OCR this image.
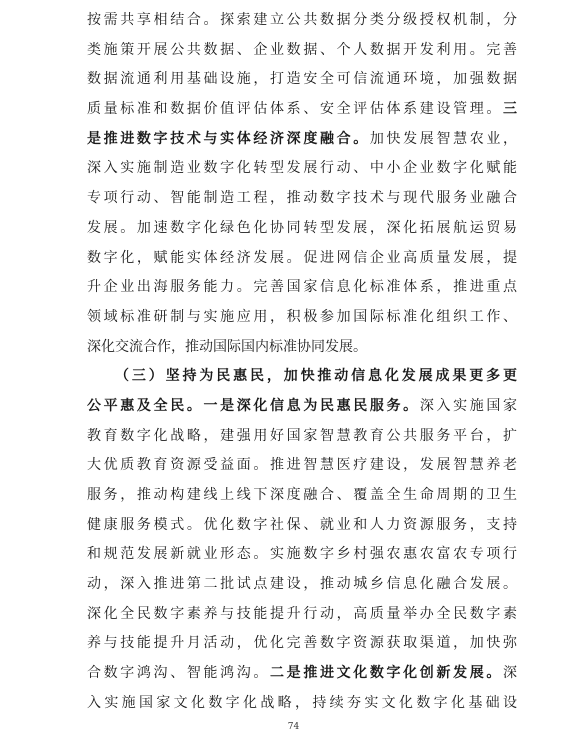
按需共享相结合。探索建立公共数据分类分级授权机制，分
类施策开展公共数据、企业数据、个人数据开发利用。完善
数据流通利用基础设施，打造安全可信流通环境，加强数据
质量标准和数据价值评估体系、安全评估体系建设管理。三
是推进数字技术与实体经济深度融合。加快发展智慧农业，
深入实施制造业数字化转型发展行动、中小企业数字化赋能
专项行动、智能制造工程，推动数字技术与现代服务业融合
发展。加速数字化绿色化协同转型发展，深化拓展航运贸易
数字化，赋能实体经济发展。促进网信企业高质量发展，提
升企业出海服务能力。完善国家信息化标准体系，推进重点
领域标准研制与实施应用，积极参加国际标准化组织工作、
深化交流合作，推动国际国内标准协同发展。
（三）坚持为民惠民，加快推动信息化发展成果更多更
公平惠及全民。一是深化信息为民惠民服务。深入实施国家
教育数字化战略，建强用好国家智慧教育公共服务平台，扩
大优质教育资源受益面。推进智慧医疗建设，发展智慧养老
服务，推动构建线上线下深度融合、覆盖全生命周期的卫生
健康服务模式。优化数字社保、就业和人力资源服务，支持
和规范发展新就业形态。实施数字乡村强农惠农富农专项行
动，深入推进第二批试点建设，推动城乡信息化融合发展。
深化全民数字素养与技能提升行动，高质量举办全民数字素
养与技能提升月活动，优化完善数字资源获取渠道，加快弥
合数字鸿沟、智能鸿沟。二是推进文化数字化创新发展。深
入实施国家文化数字化战略，持续夯实文化数字化基础设
74
